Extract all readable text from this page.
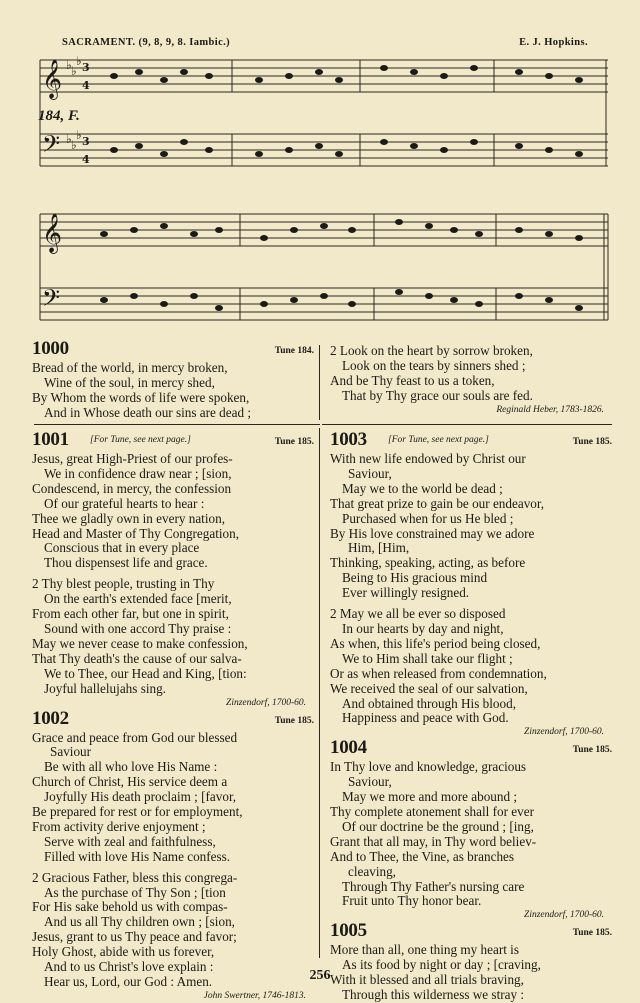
SACRAMENT. (9, 8, 9, 8. Iambic.)	E. J. Hopkins.
184, F.
𝄞
𝄢
3
4
3
4
♭ ♭
♭
♭ ♭
♭
𝄞
𝄢
1000	Tune 184.
Bread of the world, in mercy broken,
Wine of the soul, in mercy shed,
By Whom the words of life were spoken,
And in Whose death our sins are dead ;
2 Look on the heart by sorrow broken,
Look on the tears by sinners shed ;
And be Thy feast to us a token,
That by Thy grace our souls are fed.
Reginald Heber, 1783-1826.
1001 [For Tune, see next page.]	Tune 185.
Jesus, great High-Priest of our profes-
We in confidence draw near ; [sion,
Condescend, in mercy, the confession
Of our grateful hearts to hear :
Thee we gladly own in every nation,
Head and Master of Thy Congregation,
Conscious that in every place
Thou dispensest life and grace.
2 Thy blest people, trusting in Thy
On the earth's extended face [merit,
From each other far, but one in spirit,
Sound with one accord Thy praise :
May we never cease to make confession,
That Thy death's the cause of our salva-
We to Thee, our Head and King, [tion:
Joyful hallelujahs sing.
Zinzendorf, 1700-60.
1002	Tune 185.
Grace and peace from God our blessed
Saviour
Be with all who love His Name :
Church of Christ, His service deem a
Joyfully His death proclaim ; [favor,
Be prepared for rest or for employment,
From activity derive enjoyment ;
Serve with zeal and faithfulness,
Filled with love His Name confess.
2 Gracious Father, bless this congrega-
As the purchase of Thy Son ; [tion
For His sake behold us with compas-
And us all Thy children own ; [sion,
Jesus, grant to us Thy peace and favor;
Holy Ghost, abide with us forever,
And to us Christ's love explain :
Hear us, Lord, our God : Amen.
John Swertner, 1746-1813.
1003 [For Tune, see next page.]	Tune 185.
With new life endowed by Christ our
Saviour,
May we to the world be dead ;
That great prize to gain be our endeavor,
Purchased when for us He bled ;
By His love constrained may we adore
Him, [Him,
Thinking, speaking, acting, as before
Being to His gracious mind
Ever willingly resigned.
2 May we all be ever so disposed
In our hearts by day and night,
As when, this life's period being closed,
We to Him shall take our flight ;
Or as when released from condemnation,
We received the seal of our salvation,
And obtained through His blood,
Happiness and peace with God.
Zinzendorf, 1700-60.
1004	Tune 185.
In Thy love and knowledge, gracious
Saviour,
May we more and more abound ;
Thy complete atonement shall for ever
Of our doctrine be the ground ; [ing,
Grant that all may, in Thy word believ-
And to Thee, the Vine, as branches
cleaving,
Through Thy Father's nursing care
Fruit unto Thy honor bear.
Zinzendorf, 1700-60.
1005	Tune 185.
More than all, one thing my heart is
As its food by night or day ; [craving,
With it blessed and all trials braving,
Through this wilderness we stray :
256
